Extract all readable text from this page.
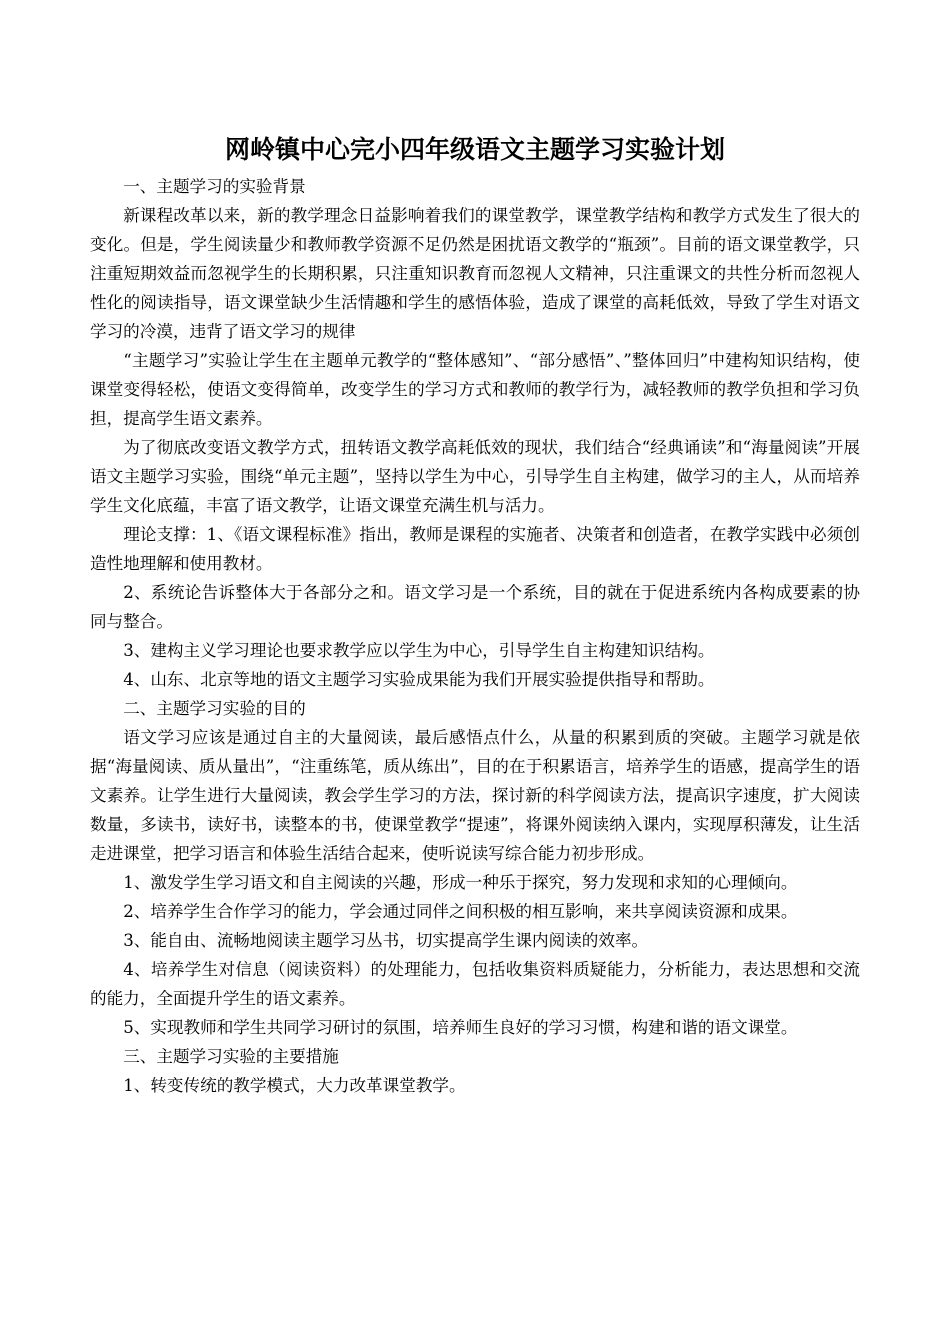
网岭镇中心完小四年级语文主题学习实验计划

一、主题学习的实验背景

新课程改革以来，新的教学理念日益影响着我们的课堂教学，课堂教学结构和教学方式发生了很大的变化。但是，学生阅读量少和教师教学资源不足仍然是困扰语文教学的“瓶颈”。目前的语文课堂教学，只注重短期效益而忽视学生的长期积累，只注重知识教育而忽视人文精神，只注重课文的共性分析而忽视人性化的阅读指导，语文课堂缺少生活情趣和学生的感悟体验，造成了课堂的高耗低效，导致了学生对语文学习的冷漠，违背了语文学习的规律

“主题学习”实验让学生在主题单元教学的“整体感知”、“部分感悟”、”整体回归”中建构知识结构，使课堂变得轻松，使语文变得简单，改变学生的学习方式和教师的教学行为，减轻教师的教学负担和学习负担，提高学生语文素养。

为了彻底改变语文教学方式，扭转语文教学高耗低效的现状，我们结合“经典诵读”和“海量阅读”开展语文主题学习实验，围绕“单元主题”，坚持以学生为中心，引导学生自主构建，做学习的主人，从而培养学生文化底蕴，丰富了语文教学，让语文课堂充满生机与活力。

理论支撑：1、《语文课程标准》指出，教师是课程的实施者、决策者和创造者，在教学实践中必须创造性地理解和使用教材。

2、系统论告诉整体大于各部分之和。语文学习是一个系统，目的就在于促进系统内各构成要素的协同与整合。

3、建构主义学习理论也要求教学应以学生为中心，引导学生自主构建知识结构。

4、山东、北京等地的语文主题学习实验成果能为我们开展实验提供指导和帮助。

二、主题学习实验的目的

语文学习应该是通过自主的大量阅读，最后感悟点什么，从量的积累到质的突破。主题学习就是依据“海量阅读、质从量出”，“注重练笔，质从练出”，目的在于积累语言，培养学生的语感，提高学生的语文素养。让学生进行大量阅读，教会学生学习的方法，探讨新的科学阅读方法，提高识字速度，扩大阅读数量，多读书，读好书，读整本的书，使课堂教学“提速”，将课外阅读纳入课内，实现厚积薄发，让生活走进课堂，把学习语言和体验生活结合起来，使听说读写综合能力初步形成。

1、激发学生学习语文和自主阅读的兴趣，形成一种乐于探究，努力发现和求知的心理倾向。

2、培养学生合作学习的能力，学会通过同伴之间积极的相互影响，来共享阅读资源和成果。

3、能自由、流畅地阅读主题学习丛书，切实提高学生课内阅读的效率。

4、培养学生对信息（阅读资料）的处理能力，包括收集资料质疑能力，分析能力，表达思想和交流的能力，全面提升学生的语文素养。

5、实现教师和学生共同学习研讨的氛围，培养师生良好的学习习惯，构建和谐的语文课堂。

三、主题学习实验的主要措施

1、转变传统的教学模式，大力改革课堂教学。
